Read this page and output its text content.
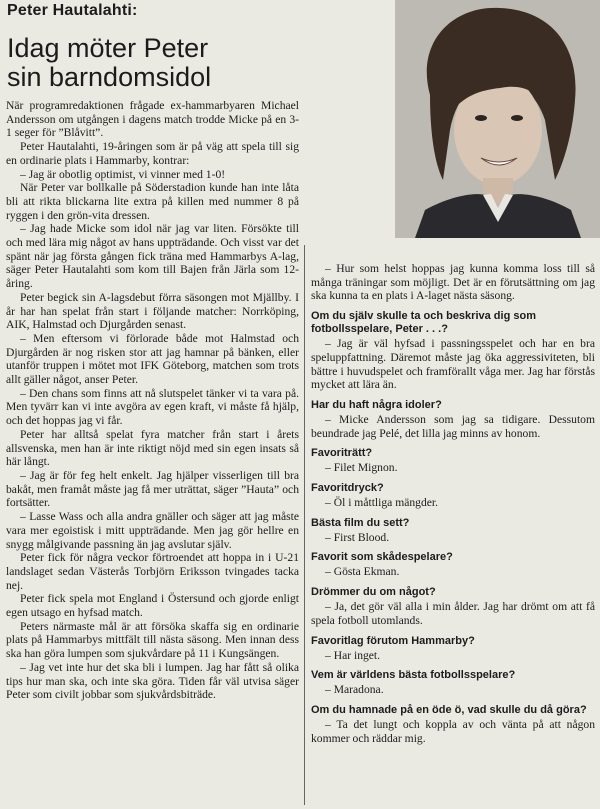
Peter Hautalahti:
Idag möter Peter
sin barndomsidol

När programredaktionen frågade ex-hammarbyaren Michael Andersson om utgången i dagens match trodde Micke på en 3-1 seger för ”Blåvitt”.

Peter Hautalahti, 19-åringen som är på väg att spela till sig en ordinarie plats i Hammarby, kontrar:

– Jag är obotlig optimist, vi vinner med 1-0!

När Peter var bollkalle på Söderstadion kunde han inte låta bli att rikta blickarna lite extra på killen med nummer 8 på ryggen i den grön-vita dressen.

– Jag hade Micke som idol när jag var liten. Försökte till och med lära mig något av hans uppträdande. Och visst var det spänt när jag första gången fick träna med Hammarbys A-lag, säger Peter Hautalahti som kom till Bajen från Järla som 12-åring.

Peter begick sin A-lagsdebut förra säsongen mot Mjällby. I år har han spelat från start i följande matcher: Norrköping, AIK, Halmstad och Djurgården senast.

– Men eftersom vi förlorade både mot Halmstad och Djurgården är nog risken stor att jag hamnar på bänken, eller utanför truppen i mötet mot IFK Göteborg, matchen som trots allt gäller något, anser Peter.

– Den chans som finns att nå slutspelet tänker vi ta vara på. Men tyvärr kan vi inte avgöra av egen kraft, vi måste få hjälp, och det hoppas jag vi får.

Peter har alltså spelat fyra matcher från start i årets allsvenska, men han är inte riktigt nöjd med sin egen insats så här långt.

– Jag är för feg helt enkelt. Jag hjälper visserligen till bra bakåt, men framåt måste jag få mer uträttat, säger ”Hauta” och fortsätter.

– Lasse Wass och alla andra gnäller och säger att jag måste vara mer egoistisk i mitt uppträdande. Men jag gör hellre en snygg målgivande passning än jag avslutar själv.

Peter fick för några veckor förtroendet att hoppa in i U-21 landslaget sedan Västerås Torbjörn Eriksson tvingades tacka nej.

Peter fick spela mot England i Östersund och gjorde enligt egen utsago en hyfsad match.

Peters närmaste mål är att försöka skaffa sig en ordinarie plats på Hammarbys mittfält till nästa säsong. Men innan dess ska han göra lumpen som sjukvårdare på 11 i Kungsängen.

– Jag vet inte hur det ska bli i lumpen. Jag har fått så olika tips hur man ska, och inte ska göra. Tiden får väl utvisa säger Peter som civilt jobbar som sjukvårdsbiträde.

– Hur som helst hoppas jag kunna komma loss till så många träningar som möjligt. Det är en förutsättning om jag ska kunna ta en plats i A-laget nästa säsong.

Om du själv skulle ta och beskriva dig som fotbollsspelare, Peter . . .?

– Jag är väl hyfsad i passningsspelet och har en bra speluppfattning. Däremot måste jag öka aggressiviteten, bli bättre i huvudspelet och framförallt våga mer. Jag har förstås mycket att lära än.

Har du haft några idoler?

– Micke Andersson som jag sa tidigare. Dessutom beundrade jag Pelé, det lilla jag minns av honom.

Favoriträtt?

– Filet Mignon.

Favoritdryck?

– Öl i måttliga mängder.

Bästa film du sett?

– First Blood.

Favorit som skådespelare?

– Gösta Ekman.

Drömmer du om något?

– Ja, det gör väl alla i min ålder. Jag har drömt om att få spela fotboll utomlands.

Favoritlag förutom Hammarby?

– Har inget.

Vem är världens bästa fotbollsspelare?

– Maradona.

Om du hamnade på en öde ö, vad skulle du då göra?

– Ta det lungt och koppla av och vänta på att någon kommer och räddar mig.
